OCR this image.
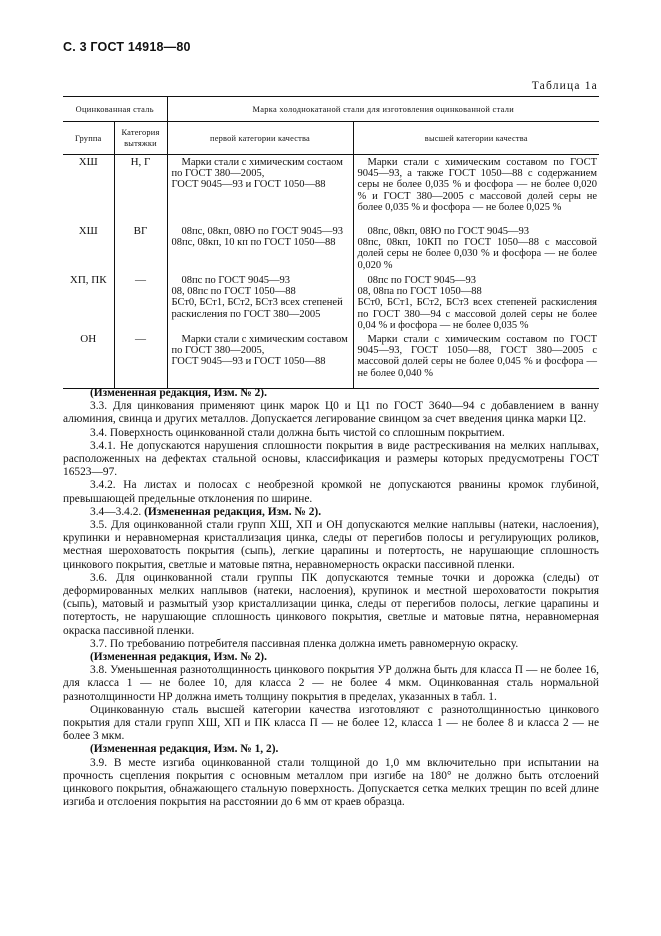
С. 3 ГОСТ 14918—80
Таблица 1а
Оцинкованная сталь		Марка холоднокатаной стали для изготовления оцинкованной стали	
Группа	Категория вытяжки	первой категории качества	высшей категории качества
ХШ	Н, Г	Марки стали с химическим состаом по ГОСТ 380—2005,
ГОСТ 9045—93 и ГОСТ 1050—88	Марки стали с химическим составом по ГОСТ 9045—93, а также ГОСТ 1050—88 с содержанием серы не более 0,035 % и фосфора — не более 0,020 % и ГОСТ 380—2005 с массовой долей серы не более 0,035 % и фосфора — не более 0,025 %

ХШ	ВГ	08пс, 08кп, 08Ю по ГОСТ 9045—93
08пс, 08кп, 10 кп по ГОСТ 1050—88	08пс, 08кп, 08Ю по ГОСТ 9045—93
08пс, 08кп, 10КП по ГОСТ 1050—88 с массовой долей серы не более 0,030 % и фосфора — не более 0,020 %

ХП, ПК	—	08пс по ГОСТ 9045—93
08, 08пс по ГОСТ 1050—88
БСт0, БСт1, БСт2, БСт3 всех степеней раскисления по ГОСТ 380—2005	08пс по ГОСТ 9045—93
08, 08па по ГОСТ 1050—88
БСт0, БСт1, БСт2, БСт3 всех степеней раскисления по ГОСТ 380—94 с массовой долей серы не более 0,04 % и фосфора — не более 0,035 %

ОН	—	Марки стали с химическим составом по ГОСТ 380—2005,
ГОСТ 9045—93 и ГОСТ 1050—88	Марки стали с химическим составом по ГОСТ 9045—93, ГОСТ 1050—88, ГОСТ 380—2005 с массовой долей серы не более 0,045 % и фосфора — не более 0,040 %

(Измененная редакция, Изм. № 2).

3.3. Для цинкования применяют цинк марок Ц0 и Ц1 по ГОСТ 3640—94 с добавлением в ванну алюминия, свинца и других металлов. Допускается легирование свинцом за счет введения цинка марки Ц2.

3.4. Поверхность оцинкованной стали должна быть чистой со сплошным покрытием.

3.4.1. Не допускаются нарушения сплошности покрытия в виде растрескивания на мелких наплывах, расположенных на дефектах стальной основы, классификация и размеры которых предусмотрены ГОСТ 16523—97.

3.4.2. На листах и полосах с необрезной кромкой не допускаются рванины кромок глубиной, превышающей предельные отклонения по ширине.

3.4—3.4.2. (Измененная редакция, Изм. № 2).

3.5. Для оцинкованной стали групп ХШ, ХП и ОН допускаются мелкие наплывы (натеки, наслоения), крупинки и неравномерная кристаллизация цинка, следы от перегибов полосы и регулирующих роликов, местная шероховатость покрытия (сыпь), легкие царапины и потертость, не нарушающие сплошность цинкового покрытия, светлые и матовые пятна, неравномерность окраски пассивной пленки.

3.6. Для оцинкованной стали группы ПК допускаются темные точки и дорожка (следы) от деформированных мелких наплывов (натеки, наслоения), крупинок и местной шероховатости покрытия (сыпь), матовый и размытый узор кристаллизации цинка, следы от перегибов полосы, легкие царапины и потертость, не нарушающие сплошность цинкового покрытия, светлые и матовые пятна, неравномерная окраска пассивной пленки.

3.7. По требованию потребителя пассивная пленка должна иметь равномерную окраску.

(Измененная редакция, Изм. № 2).

3.8. Уменьшенная разнотолщинность цинкового покрытия УР должна быть для класса П — не более 16, для класса 1 — не более 10, для класса 2 — не более 4 мкм. Оцинкованная сталь нормальной разнотолщинности НР должна иметь толщину покрытия в пределах, указанных в табл. 1.

Оцинкованную сталь высшей категории качества изготовляют с разнотолщинностью цинкового покрытия для стали групп ХШ, ХП и ПК класса П — не более 12, класса 1 — не более 8 и класса 2 — не более 3 мкм.

(Измененная редакция, Изм. № 1, 2).

3.9. В месте изгиба оцинкованной стали толщиной до 1,0 мм включительно при испытании на прочность сцепления покрытия с основным металлом при изгибе на 180° не должно быть отслоений цинкового покрытия, обнажающего стальную поверхность. Допускается сетка мелких трещин по всей длине изгиба и отслоения покрытия на расстоянии до 6 мм от краев образца.
